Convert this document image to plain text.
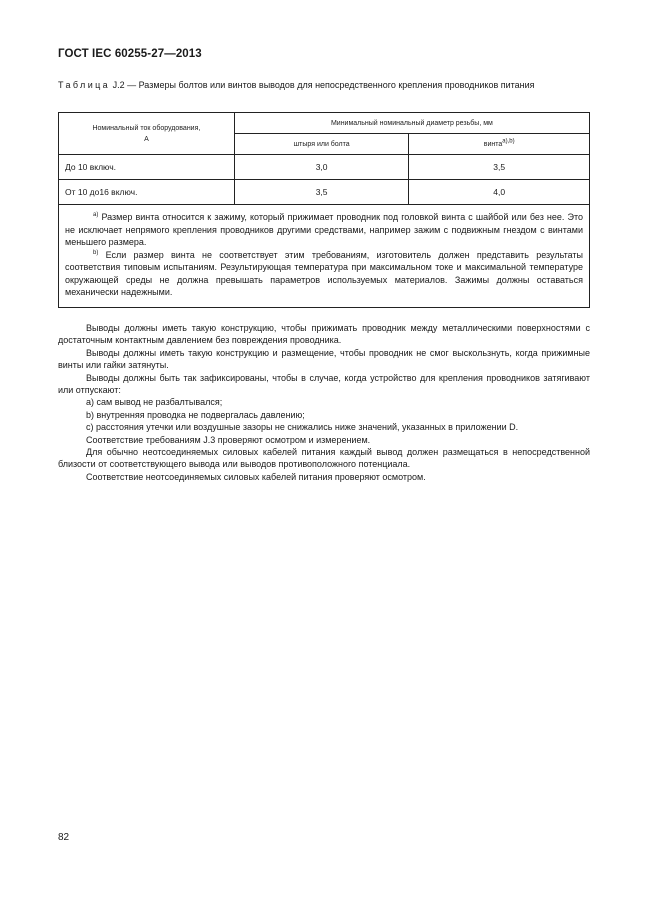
ГОСТ IEC 60255-27—2013
Таблица J.2 — Размеры болтов или винтов выводов для непосредственного крепления проводников питания
Номинальный ток оборудования, А	Минимальный номинальный диаметр резьбы, мм	
	штыря или болта	винта$^{а),b)}$
До 10 включ.	3,0	3,5
От 10 до16 включ.	3,5	4,0

$^{а)}$ Размер винта относится к зажиму, который прижимает проводник под головкой винта с шайбой или без нее. Это не исключает непрямого крепления проводников другими средствами, например зажим с подвижным гнездом с винтами меньшего размера.

$^{b)}$ Если размер винта не соответствует этим требованиям, изготовитель должен представить результаты соответствия типовым испытаниям. Результирующая температура при максимальном токе и максимальной температуре окружающей среды не должна превышать параметров используемых материалов. Зажимы должны оставаться механически надежными.		

Выводы должны иметь такую конструкцию, чтобы прижимать проводник между металлическими поверхностями с достаточным контактным давлением без повреждения проводника.

Выводы должны иметь такую конструкцию и размещение, чтобы проводник не смог выскользнуть, когда прижимные винты или гайки затянуты.

Выводы должны быть так зафиксированы, чтобы в случае, когда устройство для крепления проводников затягивают или отпускают:

а) сам вывод не разбалтывался;

b) внутренняя проводка не подвергалась давлению;

с) расстояния утечки или воздушные зазоры не снижались ниже значений, указанных в приложении D.

Соответствие требованиям J.3 проверяют осмотром и измерением.

Для обычно неотсоединяемых силовых кабелей питания каждый вывод должен размещаться в непосредственной близости от соответствующего вывода или выводов противоположного потенциала.

Соответствие неотсоединяемых силовых кабелей питания проверяют осмотром.

82
